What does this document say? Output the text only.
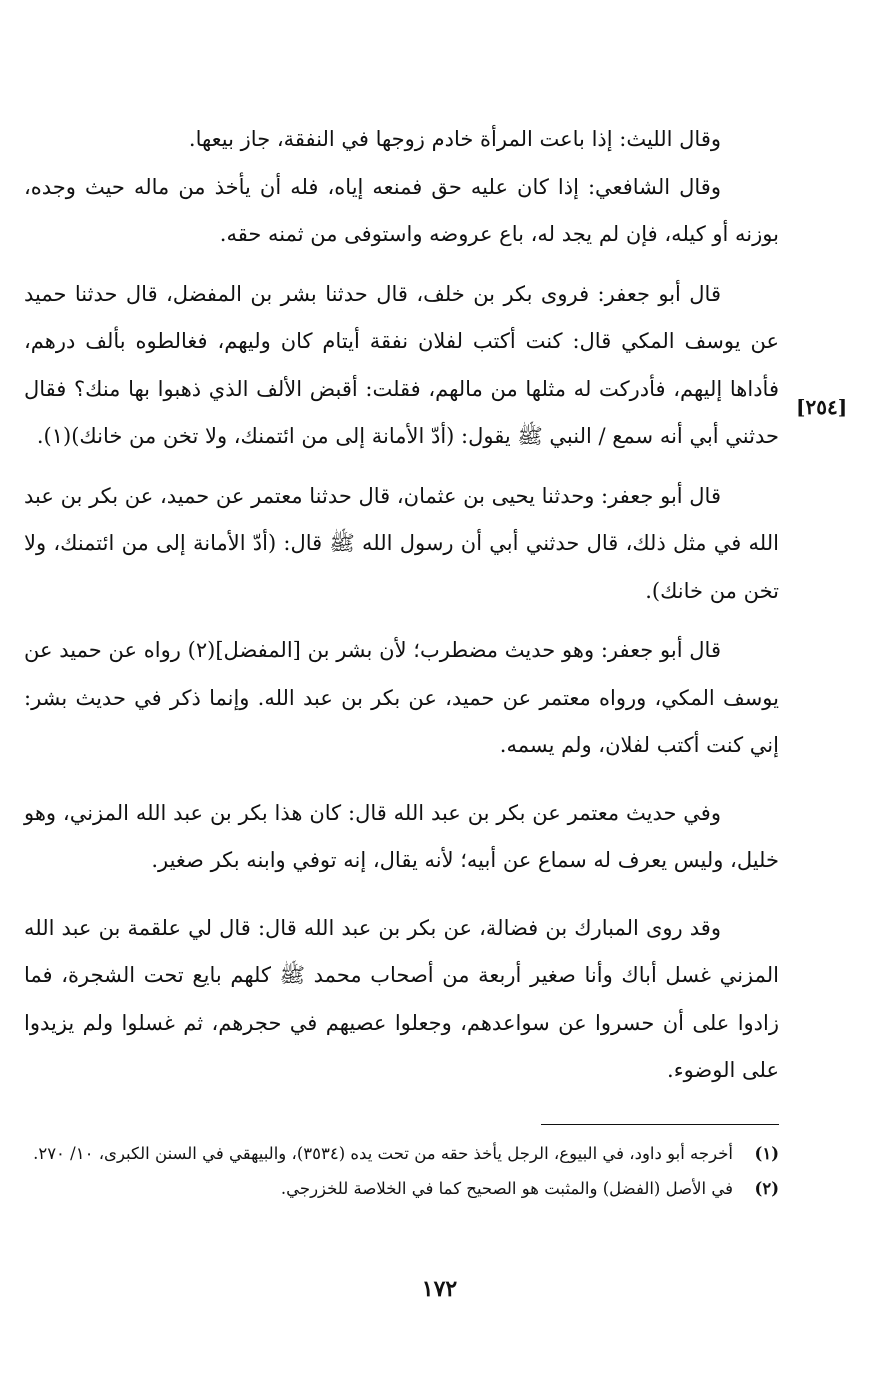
وقال الليث: إذا باعت المرأة خادم زوجها في النفقة، جاز بيعها.

وقال الشافعي: إذا كان عليه حق فمنعه إياه، فله أن يأخذ من ماله حيث وجده، بوزنه أو كيله، فإن لم يجد له، باع عروضه واستوفى من ثمنه حقه.

قال أبو جعفر: فروى بكر بن خلف، قال حدثنا بشر بن المفضل، قال حدثنا حميد عن يوسف المكي قال: كنت أكتب لفلان نفقة أيتام كان وليهم، فغالطوه بألف درهم، فأداها إليهم، فأدركت له مثلها من مالهم، فقلت: أقبض الألف الذي ذهبوا بها منك؟ فقال حدثني أبي أنه سمع / النبي ﷺ يقول: (أدّ الأمانة إلى من ائتمنك، ولا تخن من خانك)(١).

قال أبو جعفر: وحدثنا يحيى بن عثمان، قال حدثنا معتمر عن حميد، عن بكر بن عبد الله في مثل ذلك، قال حدثني أبي أن رسول الله ﷺ قال: (أدّ الأمانة إلى من ائتمنك، ولا تخن من خانك).

قال أبو جعفر: وهو حديث مضطرب؛ لأن بشر بن [المفضل](٢) رواه عن حميد عن يوسف المكي، ورواه معتمر عن حميد، عن بكر بن عبد الله. وإنما ذكر في حديث بشر: إني كنت أكتب لفلان، ولم يسمه.

وفي حديث معتمر عن بكر بن عبد الله قال: كان هذا بكر بن عبد الله المزني، وهو خليل، وليس يعرف له سماع عن أبيه؛ لأنه يقال، إنه توفي وابنه بكر صغير.

وقد روى المبارك بن فضالة، عن بكر بن عبد الله قال: قال لي علقمة بن عبد الله المزني غسل أباك وأنا صغير أربعة من أصحاب محمد ﷺ كلهم بايع تحت الشجرة، فما زادوا على أن حسروا عن سواعدهم، وجعلوا عصيهم في حجرهم، ثم غسلوا ولم يزيدوا على الوضوء.

[٢٥٤]
(١)
أخرجه أبو داود، في البيوع، الرجل يأخذ حقه من تحت يده (٣٥٣٤)، والبيهقي في السنن الكبرى، ١٠/ ٢٧٠.
(٢)
في الأصل (الفضل) والمثبت هو الصحيح كما في الخلاصة للخزرجي.
١٧٢
